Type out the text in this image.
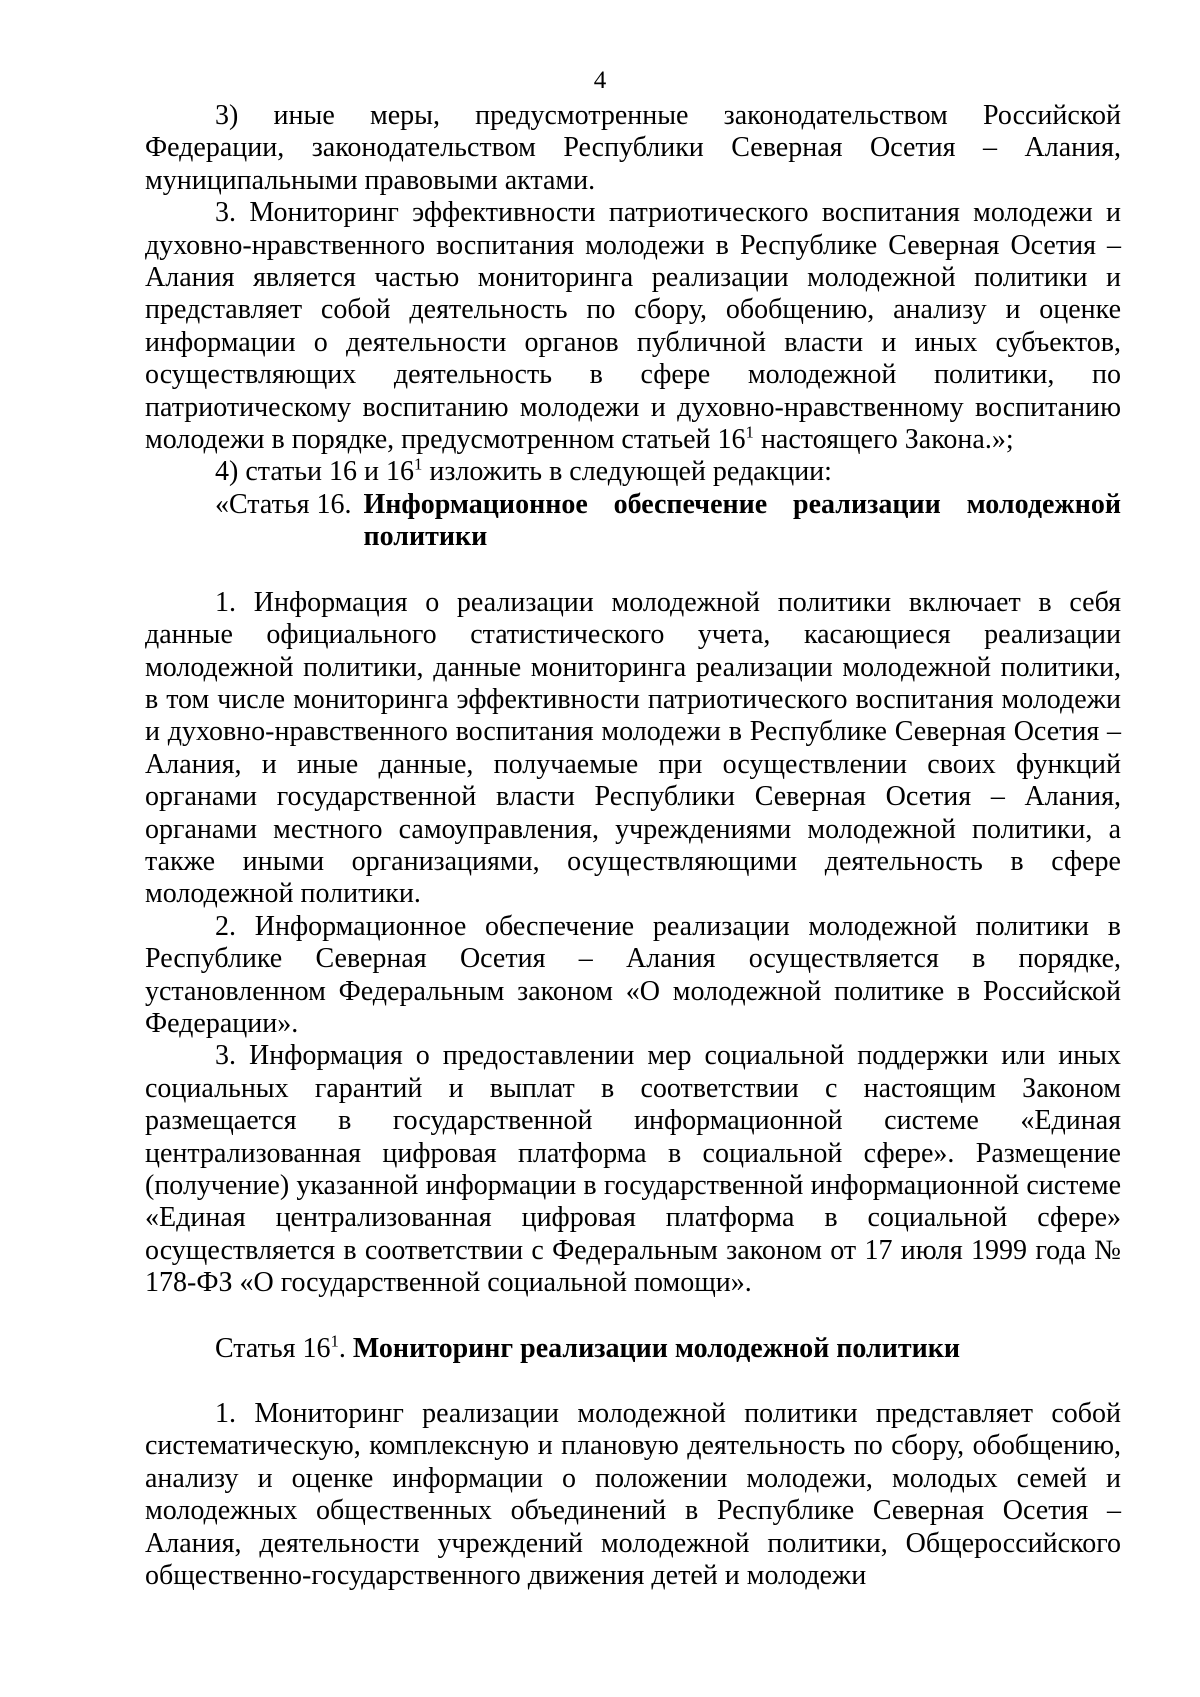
4

3) иные меры, предусмотренные законодательством Российской Федерации, законодательством Республики Северная Осетия – Алания, муниципальными правовыми актами.

3. Мониторинг эффективности патриотического воспитания молодежи и духовно-нравственного воспитания молодежи в Республике Северная Осетия – Алания является частью мониторинга реализации молодежной политики и представляет собой деятельность по сбору, обобщению, анализу и оценке информации о деятельности органов публичной власти и иных субъектов, осуществляющих деятельность в сфере молодежной политики, по патриотическому воспитанию молодежи и духовно-нравственному воспитанию молодежи в порядке, предусмотренном статьей $16^1$ настоящего Закона.»;

4) статьи 16 и $16^1$ изложить в следующей редакции:

«Статья 16. Информационное обеспечение реализации молодежной политики

1. Информация о реализации молодежной политики включает в себя данные официального статистического учета, касающиеся реализации молодежной политики, данные мониторинга реализации молодежной политики, в том числе мониторинга эффективности патриотического воспитания молодежи и духовно-нравственного воспитания молодежи в Республике Северная Осетия – Алания, и иные данные, получаемые при осуществлении своих функций органами государственной власти Республики Северная Осетия – Алания, органами местного самоуправления, учреждениями молодежной политики, а также иными организациями, осуществляющими деятельность в сфере молодежной политики.

2. Информационное обеспечение реализации молодежной политики в Республике Северная Осетия – Алания осуществляется в порядке, установленном Федеральным законом «О молодежной политике в Российской Федерации».

3. Информация о предоставлении мер социальной поддержки или иных социальных гарантий и выплат в соответствии с настоящим Законом размещается в государственной информационной системе «Единая централизованная цифровая платформа в социальной сфере». Размещение (получение) указанной информации в государственной информационной системе «Единая централизованная цифровая платформа в социальной сфере» осуществляется в соответствии с Федеральным законом от 17 июля 1999 года № 178-ФЗ «О государственной социальной помощи».

Статья $16^1$. Мониторинг реализации молодежной политики

1. Мониторинг реализации молодежной политики представляет собой систематическую, комплексную и плановую деятельность по сбору, обобщению, анализу и оценке информации о положении молодежи, молодых семей и молодежных общественных объединений в Республике Северная Осетия – Алания, деятельности учреждений молодежной политики, Общероссийского общественно-государственного движения детей и молодежи
